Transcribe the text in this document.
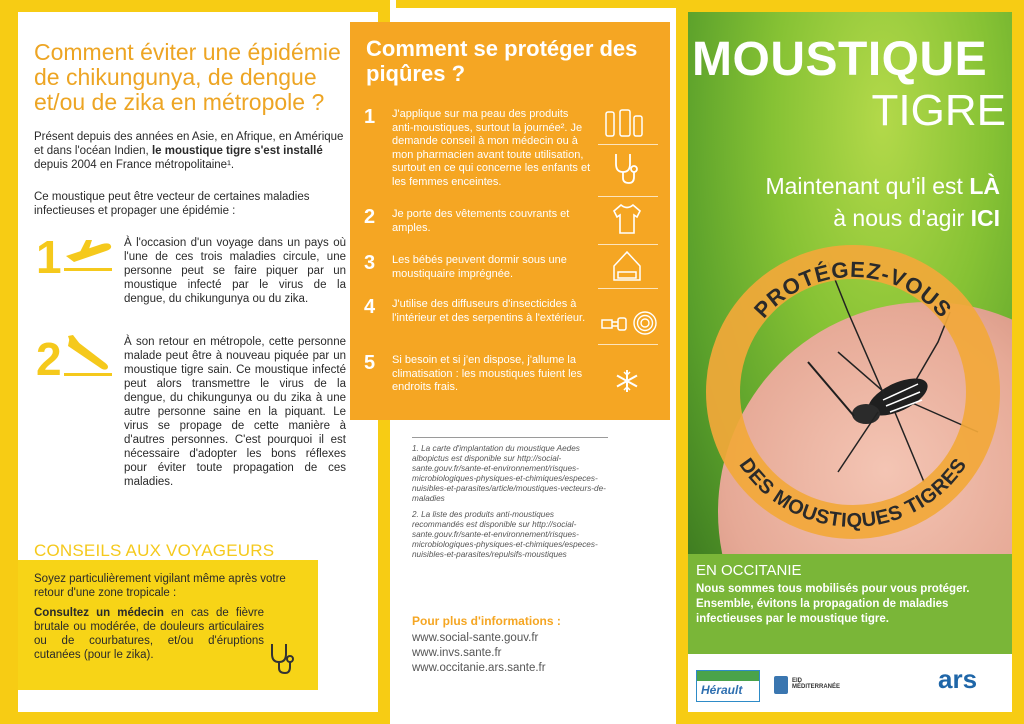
Comment éviter une épidémie de chikungunya, de dengue et/ou de zika en métropole ?

Présent depuis des années en Asie, en Afrique, en Amérique et dans l'océan Indien, le moustique tigre s'est installé depuis 2004 en France métropolitaine¹.

Ce moustique peut être vecteur de certaines maladies infectieuses et propager une épidémie :

1	À l'occasion d'un voyage dans un pays où l'une de ces trois maladies circule, une personne peut se faire piquer par un moustique infecté par le virus de la dengue, du chikungunya ou du zika.

2	À son retour en métropole, cette personne malade peut être à nouveau piquée par un moustique tigre sain. Ce moustique infecté peut alors transmettre le virus de la dengue, du chikungunya ou du zika à une autre personne saine en la piquant. Le virus se propage de cette manière à d'autres personnes. C'est pourquoi il est nécessaire d'adopter les bons réflexes pour éviter toute propagation de ces maladies.

CONSEILS AUX VOYAGEURS

Soyez particulièrement vigilant même après votre retour d'une zone tropicale :

Consultez un médecin en cas de fièvre brutale ou modérée, de douleurs articulaires ou de courbatures, et/ou d'éruptions cutanées (pour le zika).

Comment se protéger des piqûres ?
1 J'applique sur ma peau des produits anti-moustiques, surtout la journée². Je demande conseil à mon médecin ou à mon pharmacien avant toute utilisation, surtout en ce qui concerne les enfants et les femmes enceintes.

2 Je porte des vêtements couvrants et amples.

3 Les bébés peuvent dormir sous une moustiquaire imprégnée.

4 J'utilise des diffuseurs d'insecticides à l'intérieur et des serpentins à l'extérieur.

5 Si besoin et si j'en dispose, j'allume la climatisation : les moustiques fuient les endroits frais.

1. La carte d'implantation du moustique Aedes albopictus est disponible sur http://social-sante.gouv.fr/sante-et-environnement/risques-microbiologiques-physiques-et-chimiques/especes-nuisibles-et-parasites/article/moustiques-vecteurs-de-maladies

2. La liste des produits anti-moustiques recommandés est disponible sur http://social-sante.gouv.fr/sante-et-environnement/risques-microbiologiques-physiques-et-chimiques/especes-nuisibles-et-parasites/repulsifs-moustiques

Pour plus d'informations :
www.social-sante.gouv.fr
www.invs.sante.fr
www.occitanie.ars.sante.fr
PROTÉGEZ-VOUS
DES MOUSTIQUES TIGRES
MOUSTIQUE
TIGRE
Maintenant qu'il est LÀ
à nous d'agir ICI
EN OCCITANIE

Nous sommes tous mobilisés pour vous protéger. Ensemble, évitons la propagation de maladies infectieuses par le moustique tigre.

Hérault
EID MÉDITERRANÉE	ars
